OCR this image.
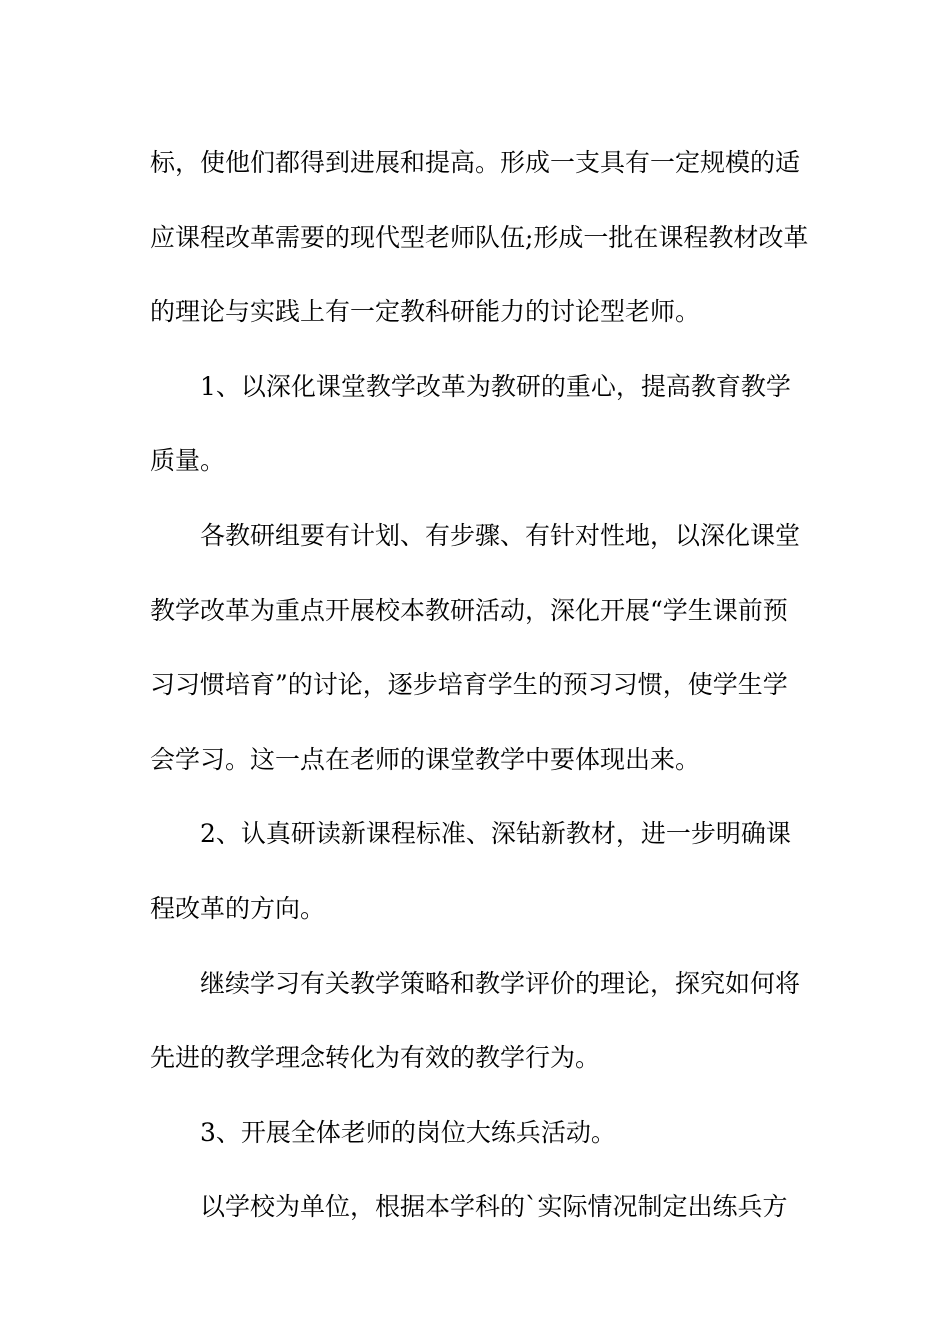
标，使他们都得到进展和提高。形成一支具有一定规模的适应课程改革需要的现代型老师队伍;形成一批在课程教材改革的理论与实践上有一定教科研能力的讨论型老师。

1、以深化课堂教学改革为教研的重心，提高教育教学质量。

各教研组要有计划、有步骤、有针对性地，以深化课堂教学改革为重点开展校本教研活动，深化开展“学生课前预习习惯培育”的讨论，逐步培育学生的预习习惯，使学生学会学习。这一点在老师的课堂教学中要体现出来。

2、认真研读新课程标准、深钻新教材，进一步明确课程改革的方向。

继续学习有关教学策略和教学评价的理论，探究如何将先进的教学理念转化为有效的教学行为。

3、开展全体老师的岗位大练兵活动。

以学校为单位，根据本学科的`实际情况制定出练兵方
